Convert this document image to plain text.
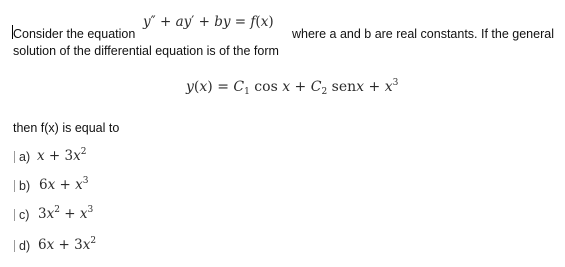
Consider the equation
y″ + ay′ + by = f(x)
where a and b are real constants. If the general
solution of the differential equation is of the form
$y(x) = C_1$ $\cos x + C_2$ senx + $x^3$
then f(x) is equal to
a) $x + 3x^2$
b) $6x + x^3$
c) $3x^2 + x^3$
d) $6x + 3x^2$
